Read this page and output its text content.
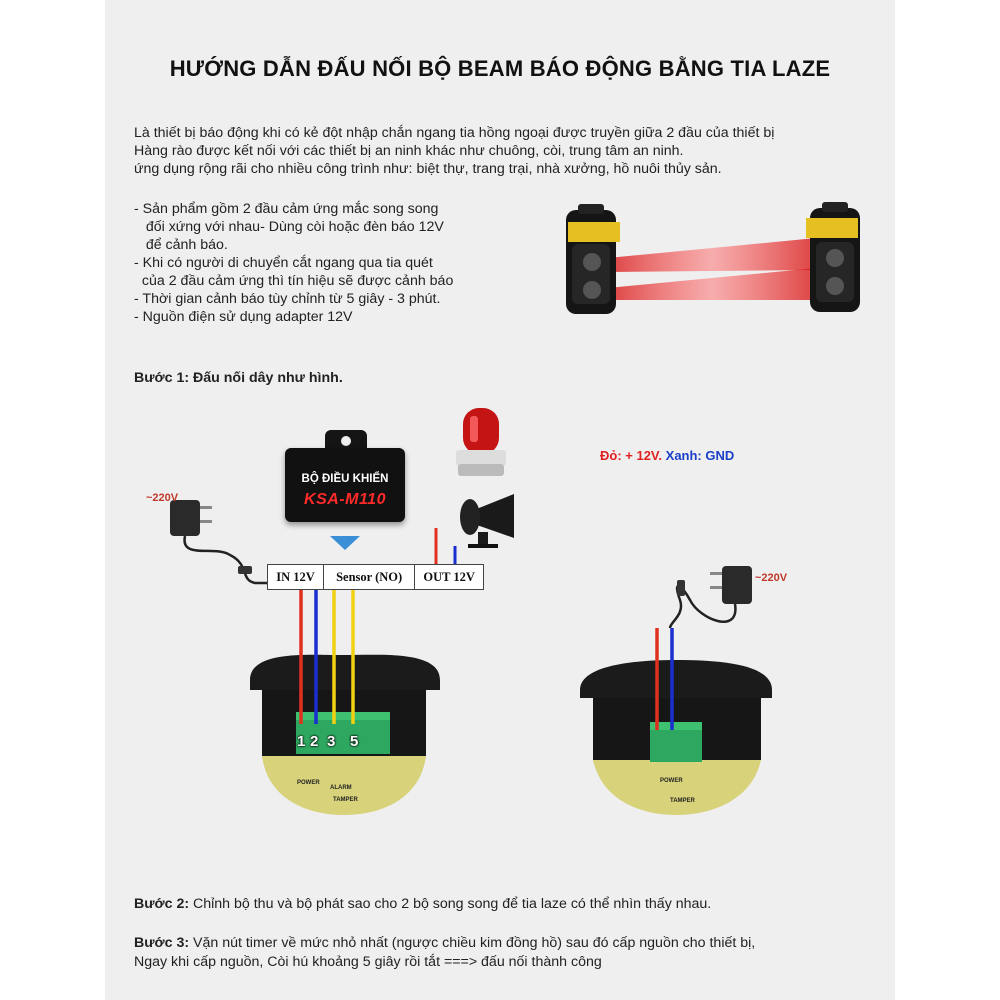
HƯỚNG DẪN ĐẤU NỐI BỘ BEAM BÁO ĐỘNG BẰNG TIA LAZE
Là thiết bị báo động khi có kẻ đột nhập chắn ngang tia hồng ngoại được truyền giữa 2 đầu của thiết bị
Hàng rào được kết nối với các thiết bị an ninh khác như chuông, còi, trung tâm an ninh.
ứng dụng rộng rãi cho nhiều công trình như: biệt thự, trang trại, nhà xưởng, hồ nuôi thủy sản.
- Sản phẩm gồm 2 đầu cảm ứng mắc song song
đối xứng với nhau- Dùng còi hoặc đèn báo 12V
để cảnh báo.
- Khi có người di chuyển cắt ngang qua tia quét
của 2 đầu cảm ứng thì tín hiệu sẽ được cảnh báo
- Thời gian cảnh báo tùy chỉnh từ 5 giây - 3 phút.
- Nguồn điện sử dụng adapter 12V
Bước 1: Đấu nối dây như hình.
Đỏ: + 12V. Xanh: GND
~220V
~220V
BỘ ĐIỀU KHIỂN
KSA-M110
IN 12V	Sensor (NO)	OUT 12V
1 2 3 5
POWER
ALARM
TAMPER
POWER
TAMPER
Bước 2: Chỉnh bộ thu và bộ phát sao cho 2 bộ song song để tia laze có thể nhìn thấy nhau.
Bước 3: Vặn nút timer về mức nhỏ nhất (ngược chiều kim đồng hồ) sau đó cấp nguồn cho thiết bị,
Ngay khi cấp nguồn, Còi hú khoảng 5 giây rồi tắt ===> đấu nối thành công
